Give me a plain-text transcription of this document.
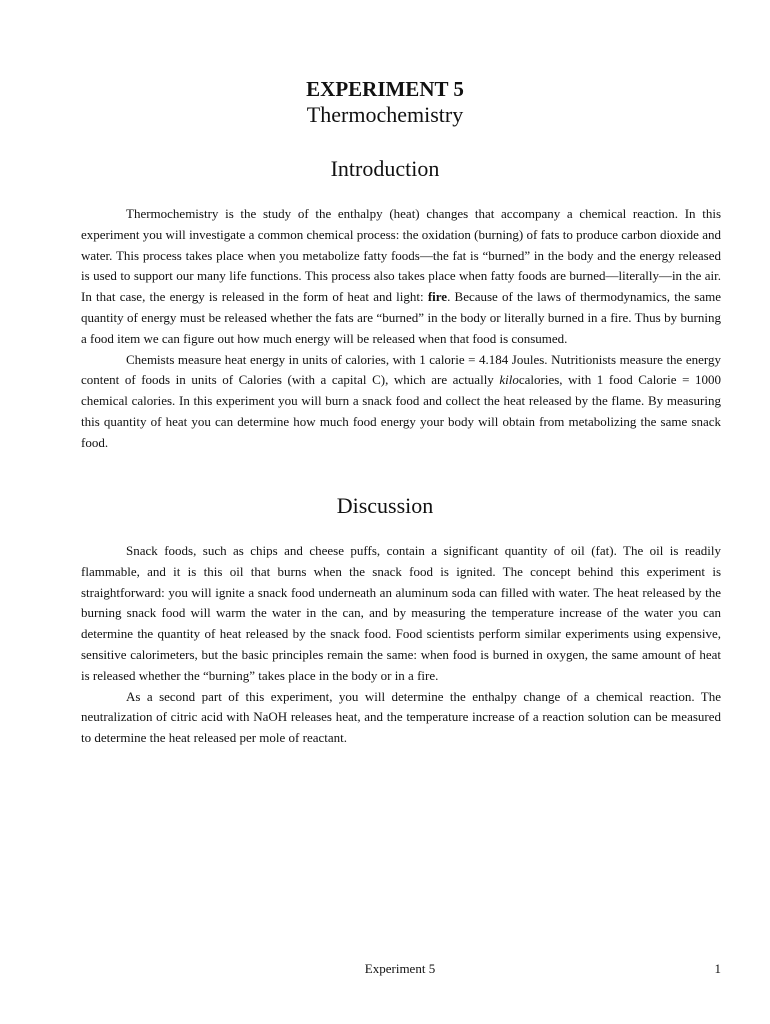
EXPERIMENT 5
Thermochemistry
Introduction

Thermochemistry is the study of the enthalpy (heat) changes that accompany a chemical reaction. In this experiment you will investigate a common chemical process: the oxidation (burning) of fats to produce carbon dioxide and water. This process takes place when you metabolize fatty foods—the fat is “burned” in the body and the energy released is used to support our many life functions. This process also takes place when fatty foods are burned—literally—in the air. In that case, the energy is released in the form of heat and light: fire. Because of the laws of thermodynamics, the same quantity of energy must be released whether the fats are “burned” in the body or literally burned in a fire. Thus by burning a food item we can figure out how much energy will be released when that food is consumed.

Chemists measure heat energy in units of calories, with 1 calorie = 4.184 Joules. Nutritionists measure the energy content of foods in units of Calories (with a capital C), which are actually kilocalories, with 1 food Calorie = 1000 chemical calories. In this experiment you will burn a snack food and collect the heat released by the flame. By measuring this quantity of heat you can determine how much food energy your body will obtain from metabolizing the same snack food.

Discussion

Snack foods, such as chips and cheese puffs, contain a significant quantity of oil (fat). The oil is readily flammable, and it is this oil that burns when the snack food is ignited. The concept behind this experiment is straightforward: you will ignite a snack food underneath an aluminum soda can filled with water. The heat released by the burning snack food will warm the water in the can, and by measuring the temperature increase of the water you can determine the quantity of heat released by the snack food. Food scientists perform similar experiments using expensive, sensitive calorimeters, but the basic principles remain the same: when food is burned in oxygen, the same amount of heat is released whether the “burning” takes place in the body or in a fire.

As a second part of this experiment, you will determine the enthalpy change of a chemical reaction. The neutralization of citric acid with NaOH releases heat, and the temperature increase of a reaction solution can be measured to determine the heat released per mole of reactant.

Experiment 5	1
